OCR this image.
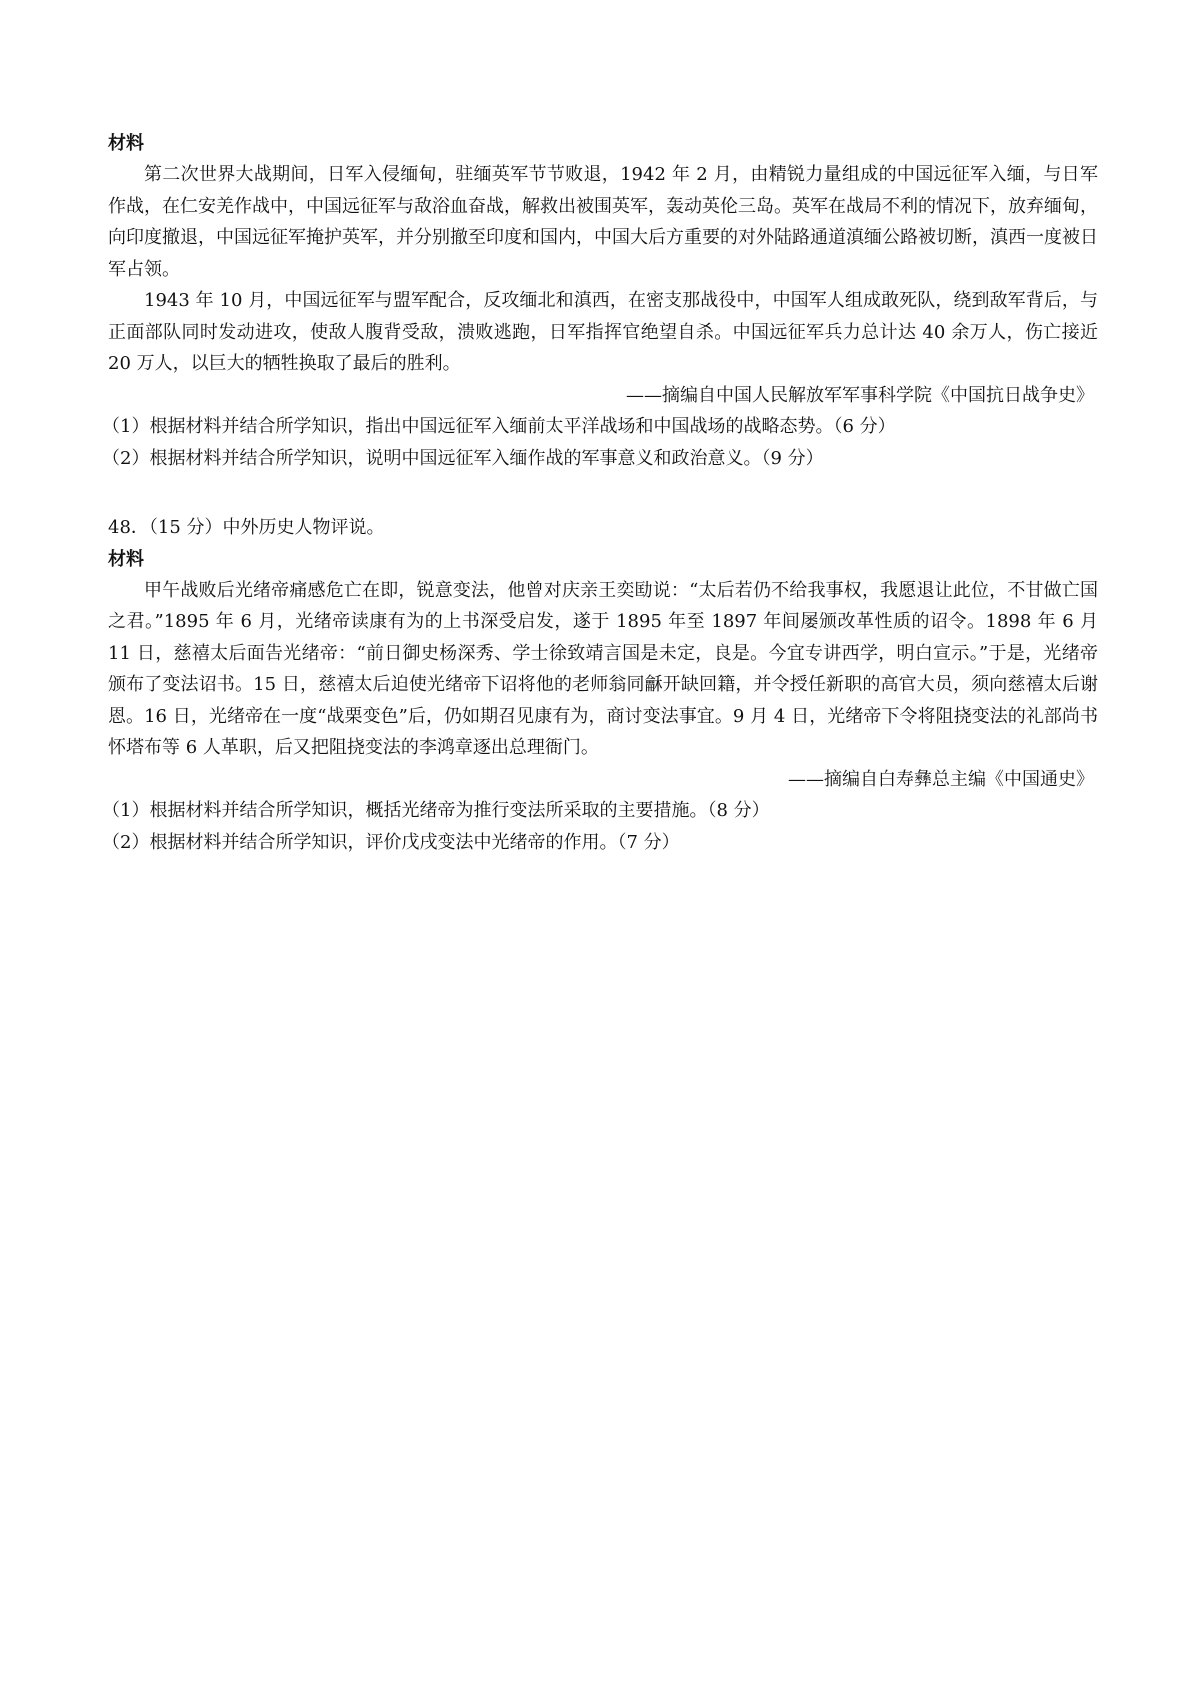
材料

第二次世界大战期间，日军入侵缅甸，驻缅英军节节败退，1942 年 2 月，由精锐力量组成的中国远征军入缅，与日军作战，在仁安羌作战中，中国远征军与敌浴血奋战，解救出被围英军，轰动英伦三岛。英军在战局不利的情况下，放弃缅甸，向印度撤退，中国远征军掩护英军，并分别撤至印度和国内，中国大后方重要的对外陆路通道滇缅公路被切断，滇西一度被日军占领。

1943 年 10 月，中国远征军与盟军配合，反攻缅北和滇西，在密支那战役中，中国军人组成敢死队，绕到敌军背后，与正面部队同时发动进攻，使敌人腹背受敌，溃败逃跑，日军指挥官绝望自杀。中国远征军兵力总计达 40 余万人，伤亡接近 20 万人，以巨大的牺牲换取了最后的胜利。

——摘编自中国人民解放军军事科学院《中国抗日战争史》

（1）根据材料并结合所学知识，指出中国远征军入缅前太平洋战场和中国战场的战略态势。（6 分）

（2）根据材料并结合所学知识，说明中国远征军入缅作战的军事意义和政治意义。（9 分）

48．（15 分）中外历史人物评说。

材料

甲午战败后光绪帝痛感危亡在即，锐意变法，他曾对庆亲王奕劻说：“太后若仍不给我事权，我愿退让此位，不甘做亡国之君。”1895 年 6 月，光绪帝读康有为的上书深受启发，遂于 1895 年至 1897 年间屡颁改革性质的诏令。1898 年 6 月 11 日，慈禧太后面告光绪帝：“前日御史杨深秀、学士徐致靖言国是未定，良是。今宜专讲西学，明白宣示。”于是，光绪帝颁布了变法诏书。15 日，慈禧太后迫使光绪帝下诏将他的老师翁同龢开缺回籍，并令授任新职的高官大员，须向慈禧太后谢恩。16 日，光绪帝在一度“战栗变色”后，仍如期召见康有为，商讨变法事宜。9 月 4 日，光绪帝下令将阻挠变法的礼部尚书怀塔布等 6 人革职，后又把阻挠变法的李鸿章逐出总理衙门。

——摘编自白寿彝总主编《中国通史》

（1）根据材料并结合所学知识，概括光绪帝为推行变法所采取的主要措施。（8 分）

（2）根据材料并结合所学知识，评价戊戌变法中光绪帝的作用。（7 分）
